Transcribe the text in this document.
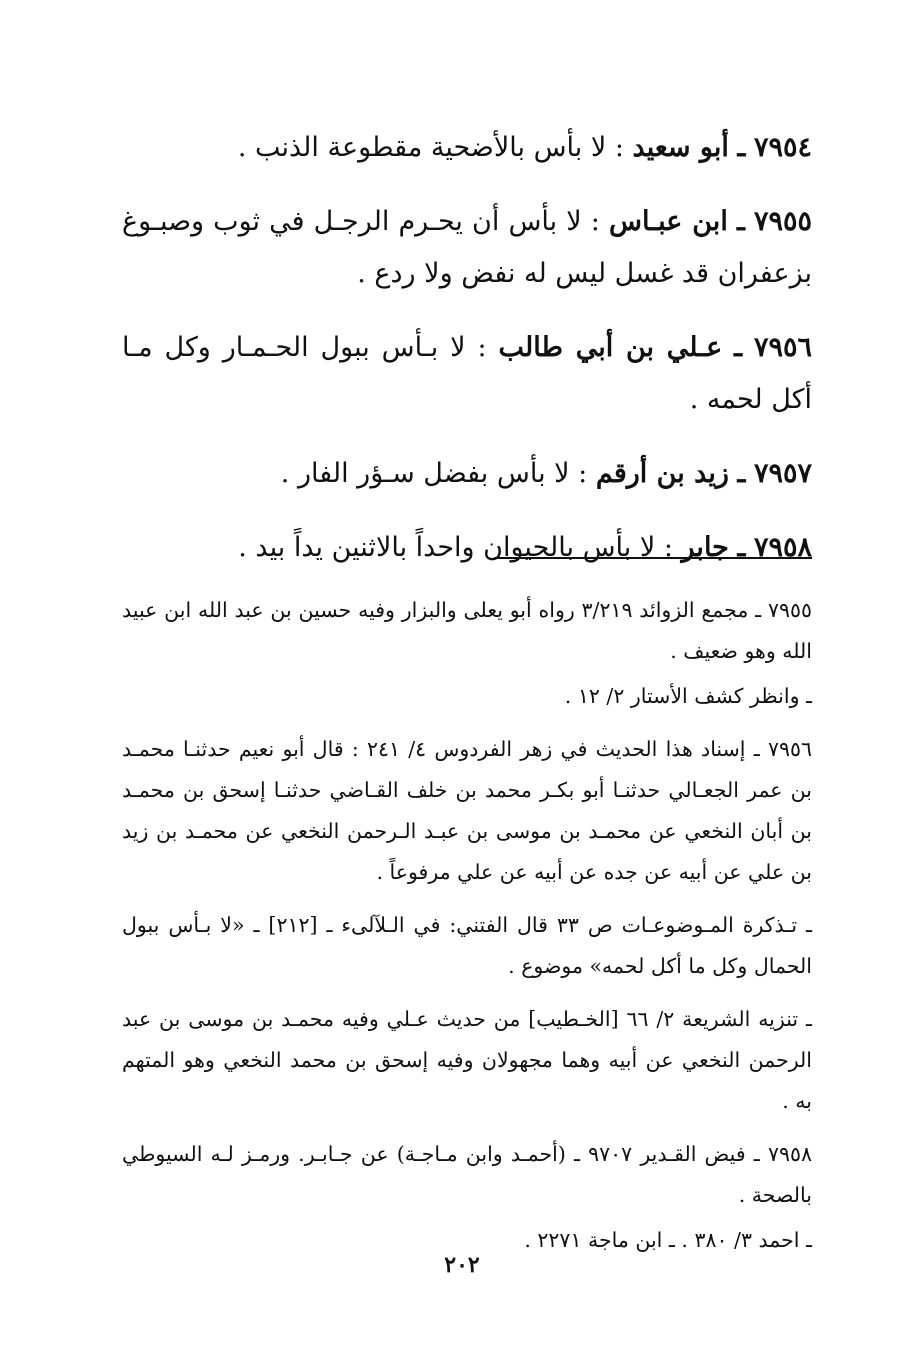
٧٩٥٤ ـ أبو سعيد : لا بأس بالأضحية مقطوعة الذنب .

٧٩٥٥ ـ ابن عبـاس : لا بأس أن يحـرم الرجـل في ثوب وصبـوغ بزعفران قد غسل ليس له نفض ولا ردع .

٧٩٥٦ ـ عـلي بن أبي طالب : لا بـأس ببول الحـمـار وكل مـا أكل لحمه .

٧٩٥٧ ـ زيد بن أرقم : لا بأس بفضل سـؤر الفار .

٧٩٥٨ ـ جابر : لا بأس بالحيوان واحداً بالاثنين يداً بيد .

٧٩٥٥ ـ مجمع الزوائد ٣/٢١٩ رواه أبو يعلى والبزار وفيه حسين بن عبد الله ابن عبيد الله وهو ضعيف .

ـ وانظر كشف الأستار ٢/ ١٢ .

٧٩٥٦ ـ إسناد هذا الحديث في زهر الفردوس ٤/ ٢٤١ : قال أبو نعيم حدثنـا محمـد بن عمر الجعـالي حدثنـا أبو بكـر محمد بن خلف القـاضي حدثنـا إسحق بن محمـد بن أبان النخعي عن محمـد بن موسى بن عبـد الـرحمن النخعي عن محمـد بن زيد بن علي عن أبيه عن جده عن أبيه عن علي مرفوعاً .

ـ تـذكرة المـوضوعـات ص ٣٣ قال الفتني: في الـلآلىء ـ [٢١٢] ـ «لا بـأس ببول الحمال وكل ما أكل لحمه» موضوع .

ـ تنزيه الشريعة ٢/ ٦٦ [الخـطيب] من حديث عـلي وفيه محمـد بن موسى بن عبد الرحمن النخعي عن أبيه وهما مجهولان وفيه إسحق بن محمد النخعي وهو المتهم به .

٧٩٥٨ ـ فيض القـدير ٩٧٠٧ ـ (أحمـد وابن مـاجـة) عن جـابـر. ورمـز لـه السيوطي بالصحة .

ـ احمد ٣/ ٣٨٠ . ـ ابن ماجة ٢٢٧١ .

٢٠٢
